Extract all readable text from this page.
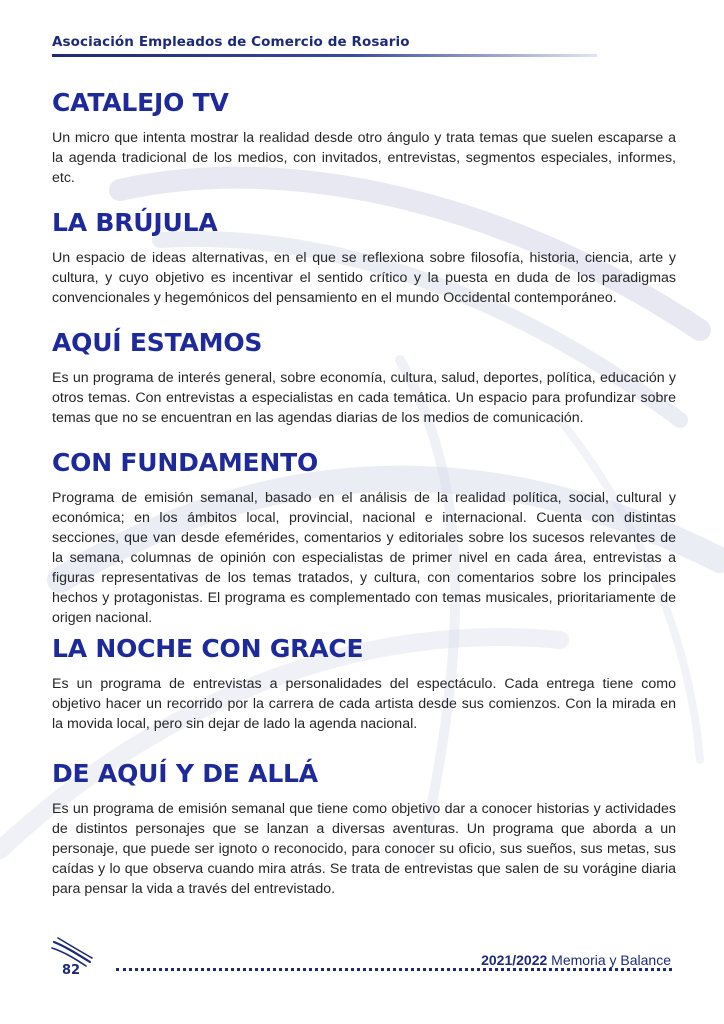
Asociación Empleados de Comercio de Rosario
CATALEJO TV

Un micro que intenta mostrar la realidad desde otro ángulo y trata temas que suelen escaparse a la agenda tradicional de los medios, con invitados, entrevistas, segmentos especiales, informes, etc.

LA BRÚJULA

Un espacio de ideas alternativas, en el que se reflexiona sobre filosofía, historia, ciencia, arte y cultura, y cuyo objetivo es incentivar el sentido crítico y la puesta en duda de los paradigmas convencionales y hegemónicos del pensamiento en el mundo Occidental contemporáneo.

AQUÍ ESTAMOS

Es un programa de interés general, sobre economía, cultura, salud, deportes, política, educación y otros temas. Con entrevistas a especialistas en cada temática. Un espacio para profundizar sobre temas que no se encuentran en las agendas diarias de los medios de comunicación.

CON FUNDAMENTO

Programa de emisión semanal, basado en el análisis de la realidad política, social, cultural y económica; en los ámbitos local, provincial, nacional e internacional. Cuenta con distintas secciones, que van desde efemérides, comentarios y editoriales sobre los sucesos relevantes de la semana, columnas de opinión con especialistas de primer nivel en cada área, entrevistas a figuras representativas de los temas tratados, y cultura, con comentarios sobre los principales hechos y protagonistas. El programa es complementado con temas musicales, prioritariamente de origen nacional.

LA NOCHE CON GRACE

Es un programa de entrevistas a personalidades del espectáculo. Cada entrega tiene como objetivo hacer un recorrido por la carrera de cada artista desde sus comienzos. Con la mirada en la movida local, pero sin dejar de lado la agenda nacional.

DE AQUÍ Y DE ALLÁ

Es un programa de emisión semanal que tiene como objetivo dar a conocer historias y actividades de distintos personajes que se lanzan a diversas aventuras. Un programa que aborda a un personaje, que puede ser ignoto o reconocido, para conocer su oficio, sus sueños, sus metas, sus caídas y lo que observa cuando mira atrás. Se trata de entrevistas que salen de su vorágine diaria para pensar la vida a través del entrevistado.

82
2021/2022 Memoria y Balance
